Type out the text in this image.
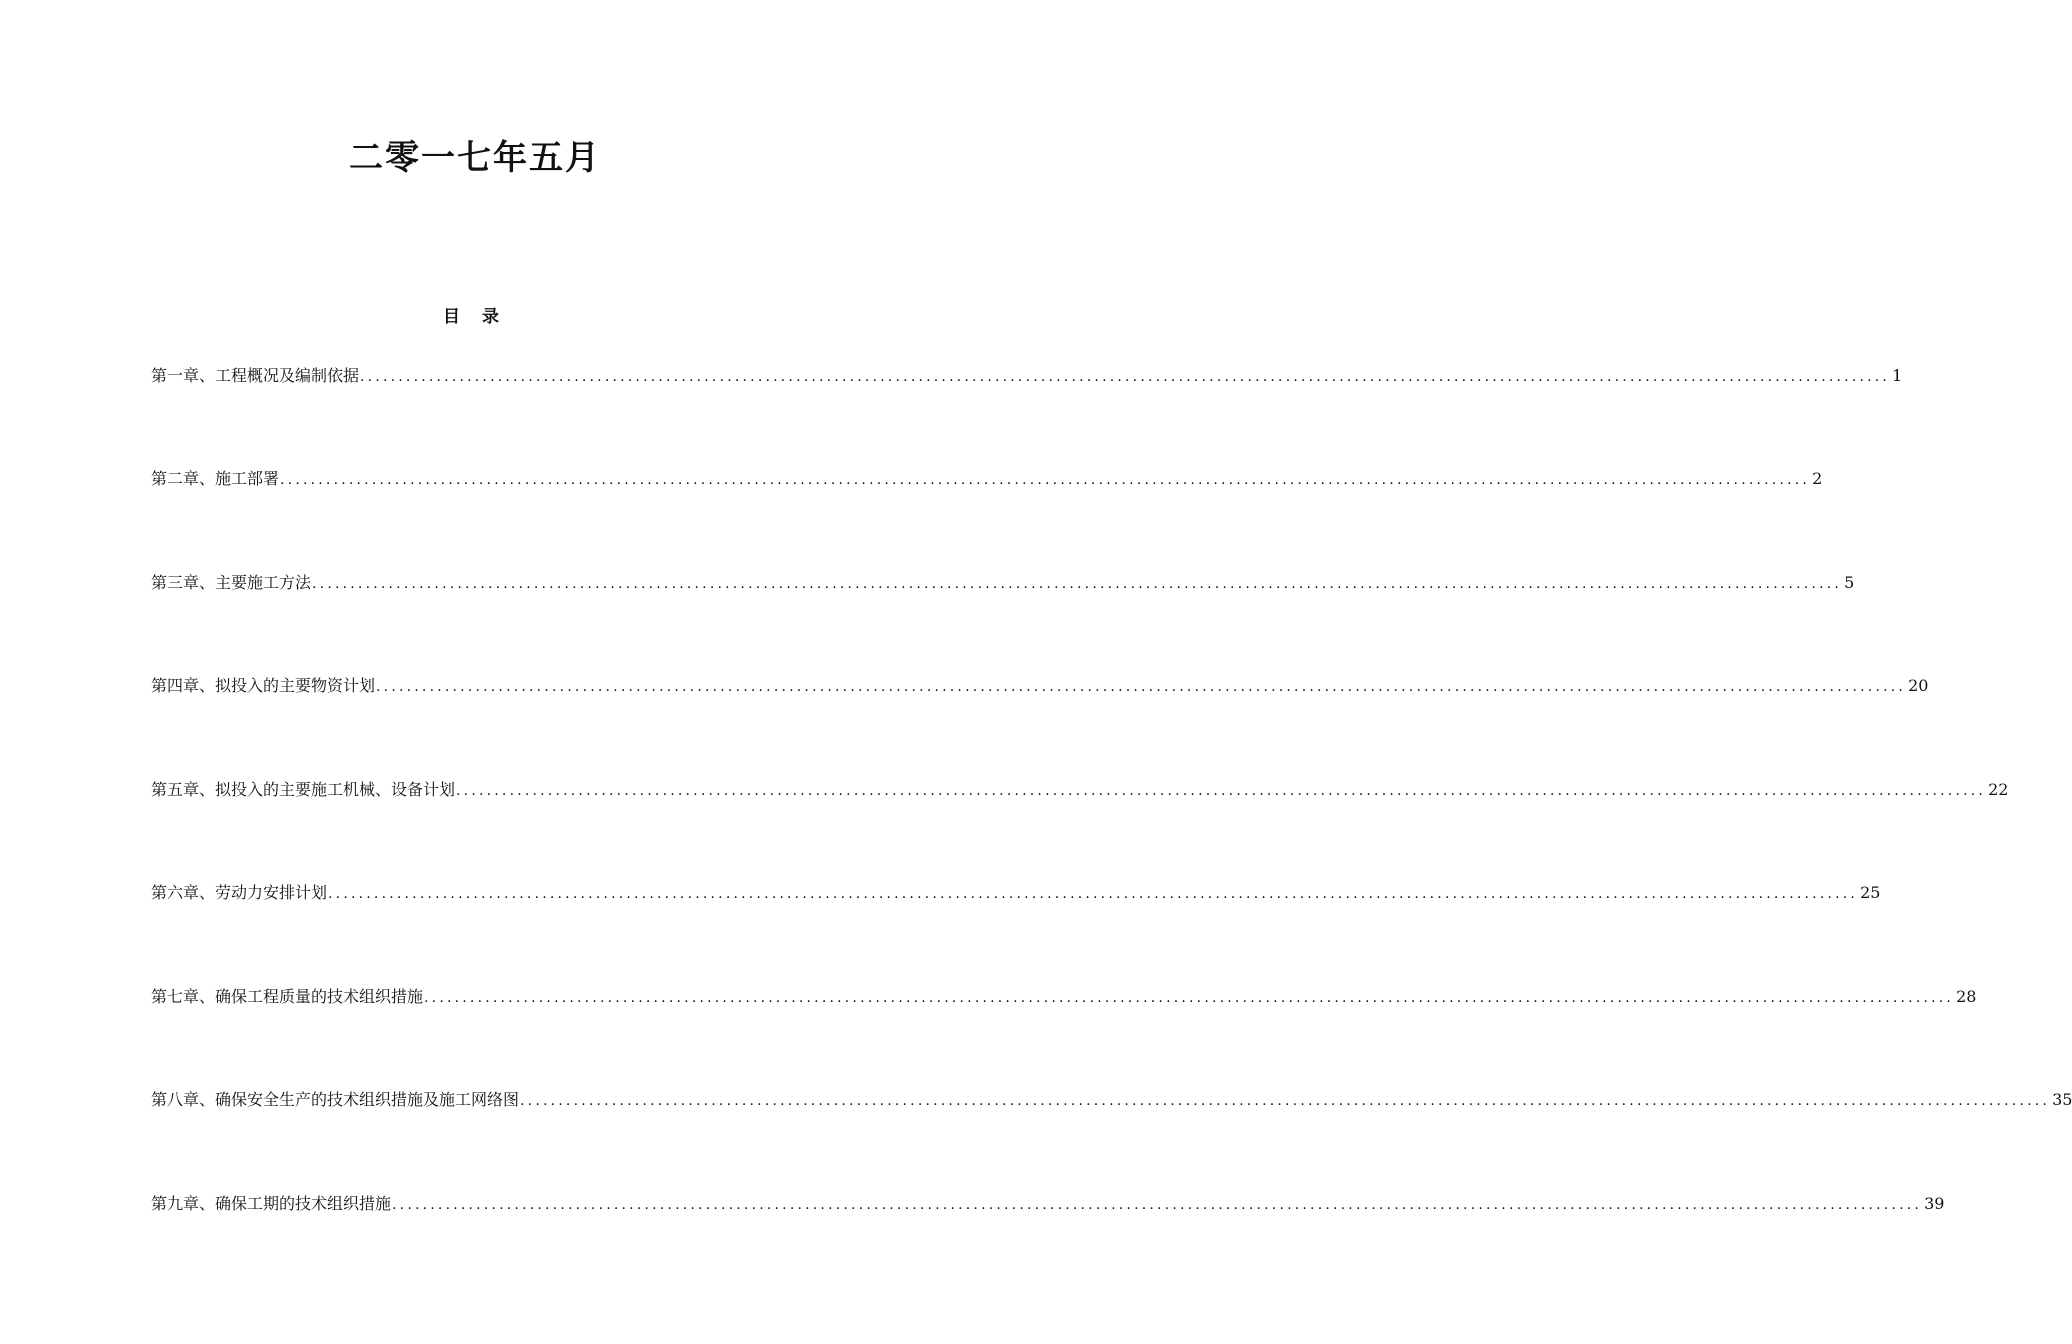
二零一七年五月
目 录
第一章、工程概况及编制依据 ........................................................................................................................................................................................................ 1
第二章、施工部署 ........................................................................................................................................................................................................ 2
第三章、主要施工方法 ........................................................................................................................................................................................................ 5
第四章、拟投入的主要物资计划 ........................................................................................................................................................................................................ 20
第五章、拟投入的主要施工机械、设备计划 ........................................................................................................................................................................................................ 22
第六章、劳动力安排计划 ........................................................................................................................................................................................................ 25
第七章、确保工程质量的技术组织措施 ........................................................................................................................................................................................................ 28
第八章、确保安全生产的技术组织措施及施工网络图 ........................................................................................................................................................................................................ 35
第九章、确保工期的技术组织措施 ........................................................................................................................................................................................................ 39
